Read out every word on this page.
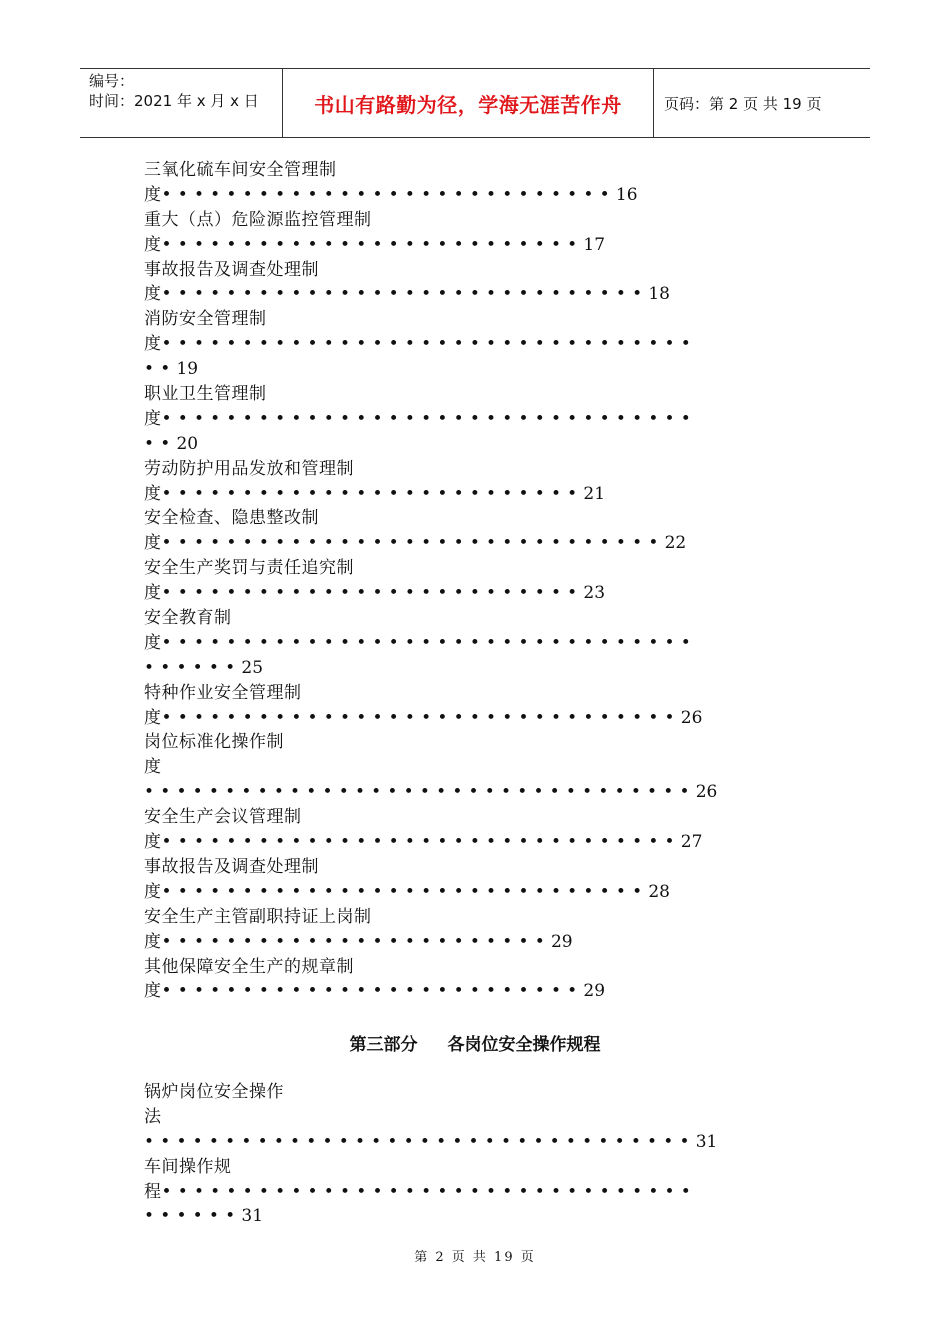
编号：
时间：2021 年 x 月 x 日	书山有路勤为径，学海无涯苦作舟	页码：第 2 页 共 19 页
三氧化硫车间安全管理制
度••••••••••••••••••••••••••••16
重大（点）危险源监控管理制
度••••••••••••••••••••••••••17
事故报告及调查处理制
度••••••••••••••••••••••••••••••18
消防安全管理制
度•••••••••••••••••••••••••••••••••
••19
职业卫生管理制
度•••••••••••••••••••••••••••••••••
••20
劳动防护用品发放和管理制
度••••••••••••••••••••••••••21
安全检查、隐患整改制
度•••••••••••••••••••••••••••••••22
安全生产奖罚与责任追究制
度••••••••••••••••••••••••••23
安全教育制
度•••••••••••••••••••••••••••••••••
••••••25
特种作业安全管理制
度••••••••••••••••••••••••••••••••26
岗位标准化操作制
度
••••••••••••••••••••••••••••••••••26
安全生产会议管理制
度••••••••••••••••••••••••••••••••27
事故报告及调查处理制
度••••••••••••••••••••••••••••••28
安全生产主管副职持证上岗制
度••••••••••••••••••••••••29
其他保障安全生产的规章制
度••••••••••••••••••••••••••29
第三部分 各岗位安全操作规程
锅炉岗位安全操作
法
••••••••••••••••••••••••••••••••••31
车间操作规
程•••••••••••••••••••••••••••••••••
••••••31
第 2 页 共 19 页
